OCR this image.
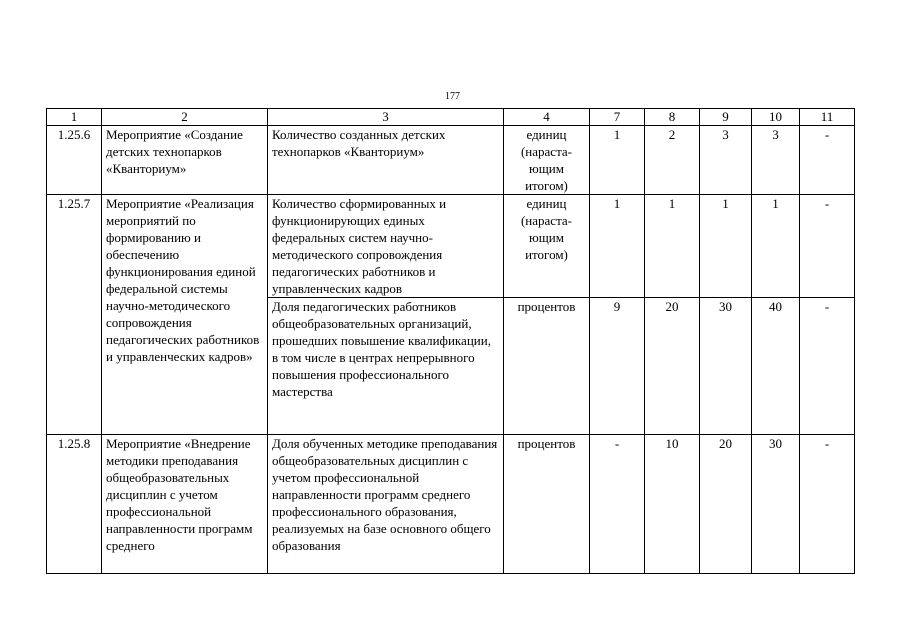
177
1	2	3	4	7	8	9	10	11
1.25.6	Мероприятие «Создание детских технопарков «Кванториум»	Количество созданных детских технопарков «Кванториум»	единиц (нараста-ющим итогом)	1	2	3	3	-
1.25.7	Мероприятие «Реализация мероприятий по формированию и обеспечению функционирования единой федеральной системы научно-методического сопровождения педагогических работников и управленческих кадров»	Количество сформированных и функционирующих единых федеральных систем научно-методического сопровождения педагогических работников и управленческих кадров	единиц (нараста-ющим итогом)	1	1	1	1	-
		Доля педагогических работников общеобразовательных организаций, прошедших повышение квалификации, в том числе в центрах непрерывного повышения профессионального мастерства	процентов	9	20	30	40	-
1.25.8	Мероприятие «Внедрение методики преподавания общеобразовательных дисциплин с учетом профессиональной направленности программ среднего	Доля обученных методике преподавания общеобразовательных дисциплин с учетом профессиональной направленности программ среднего профессионального образования, реализуемых на базе основного общего образования	процентов	-	10	20	30	-
